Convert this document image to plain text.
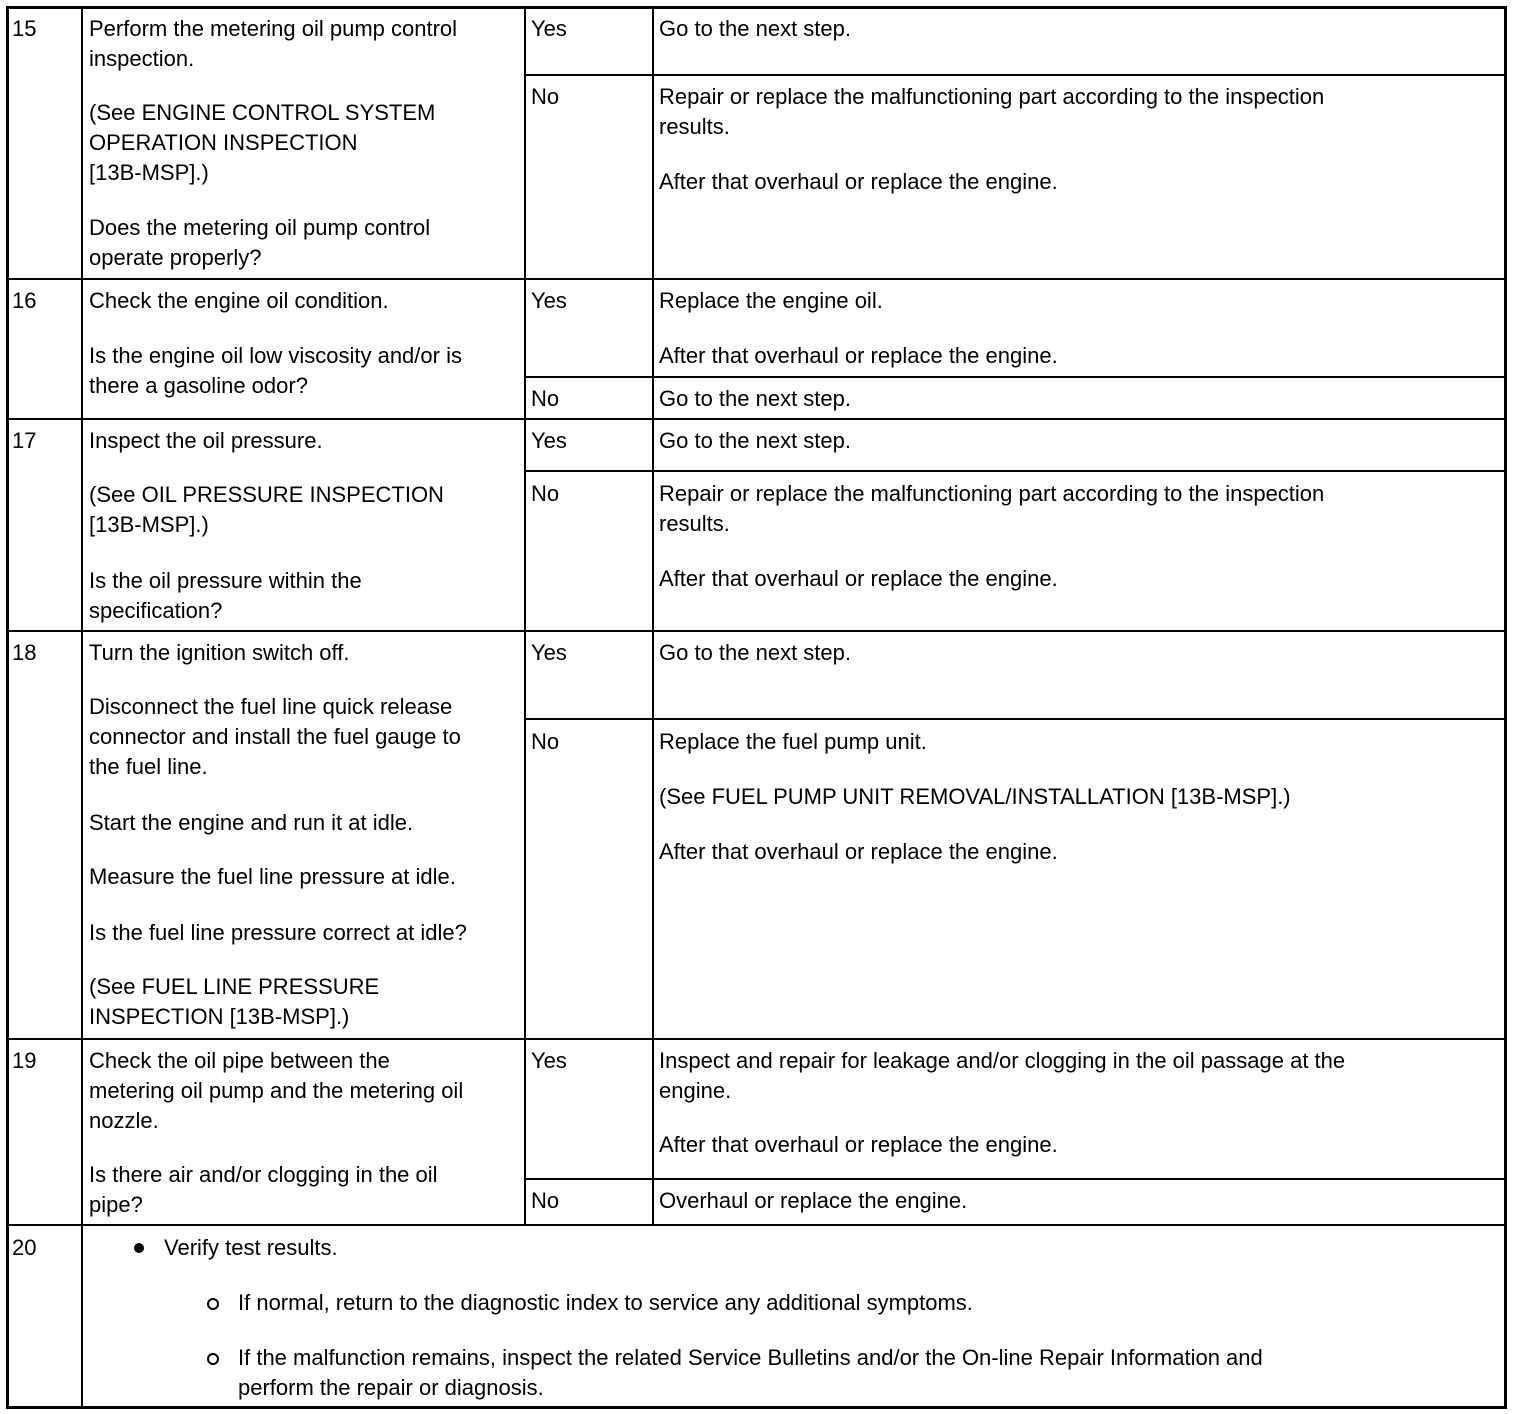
15 Perform the metering oil pump control
inspection.
(See ENGINE CONTROL SYSTEM
OPERATION INSPECTION
[13B-MSP].)
Does the metering oil pump control
operate properly?
Yes	Go to the next step.
No	Repair or replace the malfunctioning part according to the inspection
results.
After that overhaul or replace the engine.
16 Check the engine oil condition.
Is the engine oil low viscosity and/or is
there a gasoline odor?
Yes	Replace the engine oil.
After that overhaul or replace the engine.
No	Go to the next step.
17 Inspect the oil pressure.
(See OIL PRESSURE INSPECTION
[13B-MSP].)
Is the oil pressure within the
specification?
Yes	Go to the next step.
No	Repair or replace the malfunctioning part according to the inspection
results.
After that overhaul or replace the engine.
18 Turn the ignition switch off.
Disconnect the fuel line quick release
connector and install the fuel gauge to
the fuel line.
Start the engine and run it at idle.
Measure the fuel line pressure at idle.
Is the fuel line pressure correct at idle?
(See FUEL LINE PRESSURE
INSPECTION [13B-MSP].)
Yes	Go to the next step.
No	Replace the fuel pump unit.
(See FUEL PUMP UNIT REMOVAL/INSTALLATION [13B-MSP].)
After that overhaul or replace the engine.
19 Check the oil pipe between the
metering oil pump and the metering oil
nozzle.
Is there air and/or clogging in the oil
pipe?
Yes	Inspect and repair for leakage and/or clogging in the oil passage at the
engine.
After that overhaul or replace the engine.
No	Overhaul or replace the engine.
20	Verify test results.
If normal, return to the diagnostic index to service any additional symptoms.
If the malfunction remains, inspect the related Service Bulletins and/or the On-line Repair Information and
perform the repair or diagnosis.
